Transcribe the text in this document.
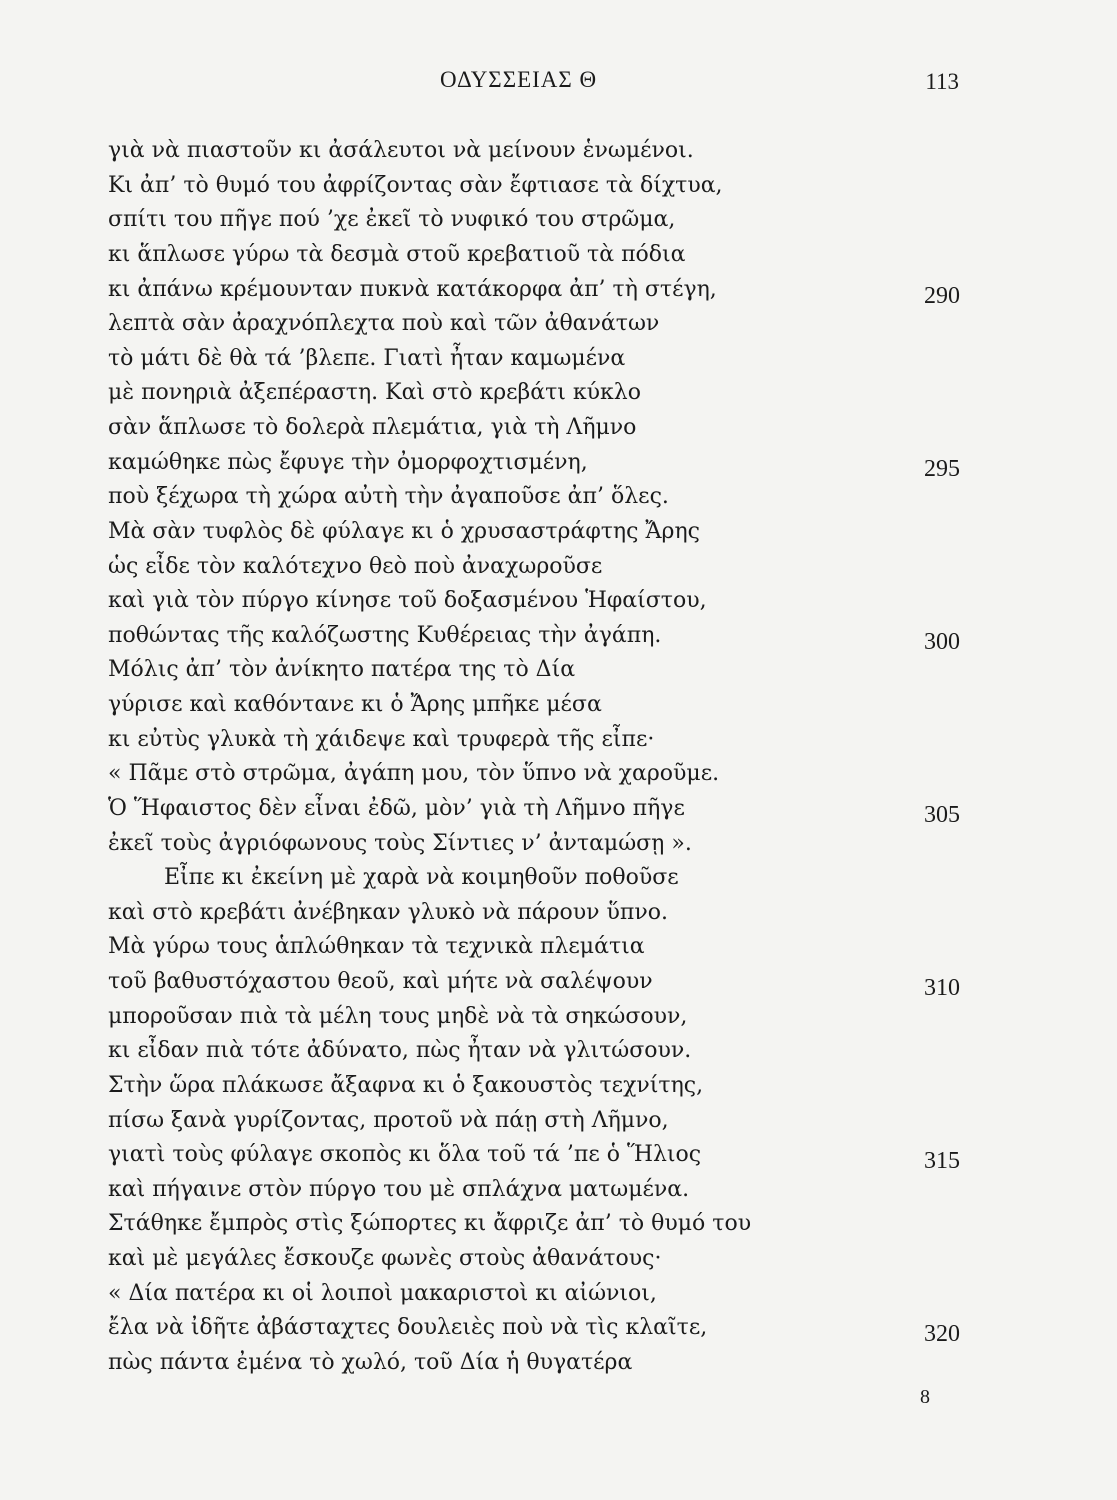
ΟΔΥΣΣΕΙΑΣ Θ	113
γιὰ νὰ πιαστοῦν κι ἀσάλευτοι νὰ μείνουν ἑνωμένοι.
Κι ἀπ’ τὸ θυμό του ἀφρίζοντας σὰν ἔφτιασε τὰ δίχτυα,
σπίτι του πῆγε πού ’χε ἐκεῖ τὸ νυφικό του στρῶμα,
κι ἅπλωσε γύρω τὰ δεσμὰ στοῦ κρεβατιοῦ τὰ πόδια
κι ἀπάνω κρέμουνταν πυκνὰ κατάκορφα ἀπ’ τὴ στέγη,	290
λεπτὰ σὰν ἀραχνόπλεχτα ποὺ καὶ τῶν ἀθανάτων
τὸ μάτι δὲ θὰ τά ’βλεπε. Γιατὶ ἦταν καμωμένα
μὲ πονηριὰ ἀξεπέραστη. Καὶ στὸ κρεβάτι κύκλο
σὰν ἅπλωσε τὸ δολερὰ πλεμάτια, γιὰ τὴ Λῆμνο
καμώθηκε πὼς ἔφυγε τὴν ὀμορφοχτισμένη,	295
ποὺ ξέχωρα τὴ χώρα αὐτὴ τὴν ἀγαποῦσε ἀπ’ ὅλες.
Μὰ σὰν τυφλὸς δὲ φύλαγε κι ὁ χρυσαστράφτης Ἄρης
ὡς εἶδε τὸν καλότεχνο θεὸ ποὺ ἀναχωροῦσε
καὶ γιὰ τὸν πύργο κίνησε τοῦ δοξασμένου Ἡφαίστου,
ποθώντας τῆς καλόζωστης Κυθέρειας τὴν ἀγάπη.	300
Μόλις ἀπ’ τὸν ἀνίκητο πατέρα της τὸ Δία
γύρισε καὶ καθόντανε κι ὁ Ἄρης μπῆκε μέσα
κι εὐτὺς γλυκὰ τὴ χάιδεψε καὶ τρυφερὰ τῆς εἶπε·
« Πᾶμε στὸ στρῶμα, ἀγάπη μου, τὸν ὕπνο νὰ χαροῦμε.
Ὁ Ἥφαιστος δὲν εἶναι ἐδῶ, μὸν’ γιὰ τὴ Λῆμνο πῆγε	305
ἐκεῖ τοὺς ἀγριόφωνους τοὺς Σίντιες ν’ ἀνταμώσῃ ».
Εἶπε κι ἐκείνη μὲ χαρὰ νὰ κοιμηθοῦν ποθοῦσε
καὶ στὸ κρεβάτι ἀνέβηκαν γλυκὸ νὰ πάρουν ὕπνο.
Μὰ γύρω τους ἁπλώθηκαν τὰ τεχνικὰ πλεμάτια
τοῦ βαθυστόχαστου θεοῦ, καὶ μήτε νὰ σαλέψουν	310
μποροῦσαν πιὰ τὰ μέλη τους μηδὲ νὰ τὰ σηκώσουν,
κι εἶδαν πιὰ τότε ἀδύνατο, πὼς ἦταν νὰ γλιτώσουν.
Στὴν ὥρα πλάκωσε ἄξαφνα κι ὁ ξακουστὸς τεχνίτης,
πίσω ξανὰ γυρίζοντας, προτοῦ νὰ πάῃ στὴ Λῆμνο,
γιατὶ τοὺς φύλαγε σκοπὸς κι ὅλα τοῦ τά ’πε ὁ Ἥλιος	315
καὶ πήγαινε στὸν πύργο του μὲ σπλάχνα ματωμένα.
Στάθηκε ἔμπρὸς στὶς ξώπορτες κι ἄφριζε ἀπ’ τὸ θυμό του
καὶ μὲ μεγάλες ἔσκουζε φωνὲς στοὺς ἀθανάτους·
« Δία πατέρα κι οἱ λοιποὶ μακαριστοὶ κι αἰώνιοι,
ἔλα νὰ ἰδῆτε ἀβάσταχτες δουλειὲς ποὺ νὰ τὶς κλαῖτε,	320
πὼς πάντα ἐμένα τὸ χωλό, τοῦ Δία ἡ θυγατέρα
8
